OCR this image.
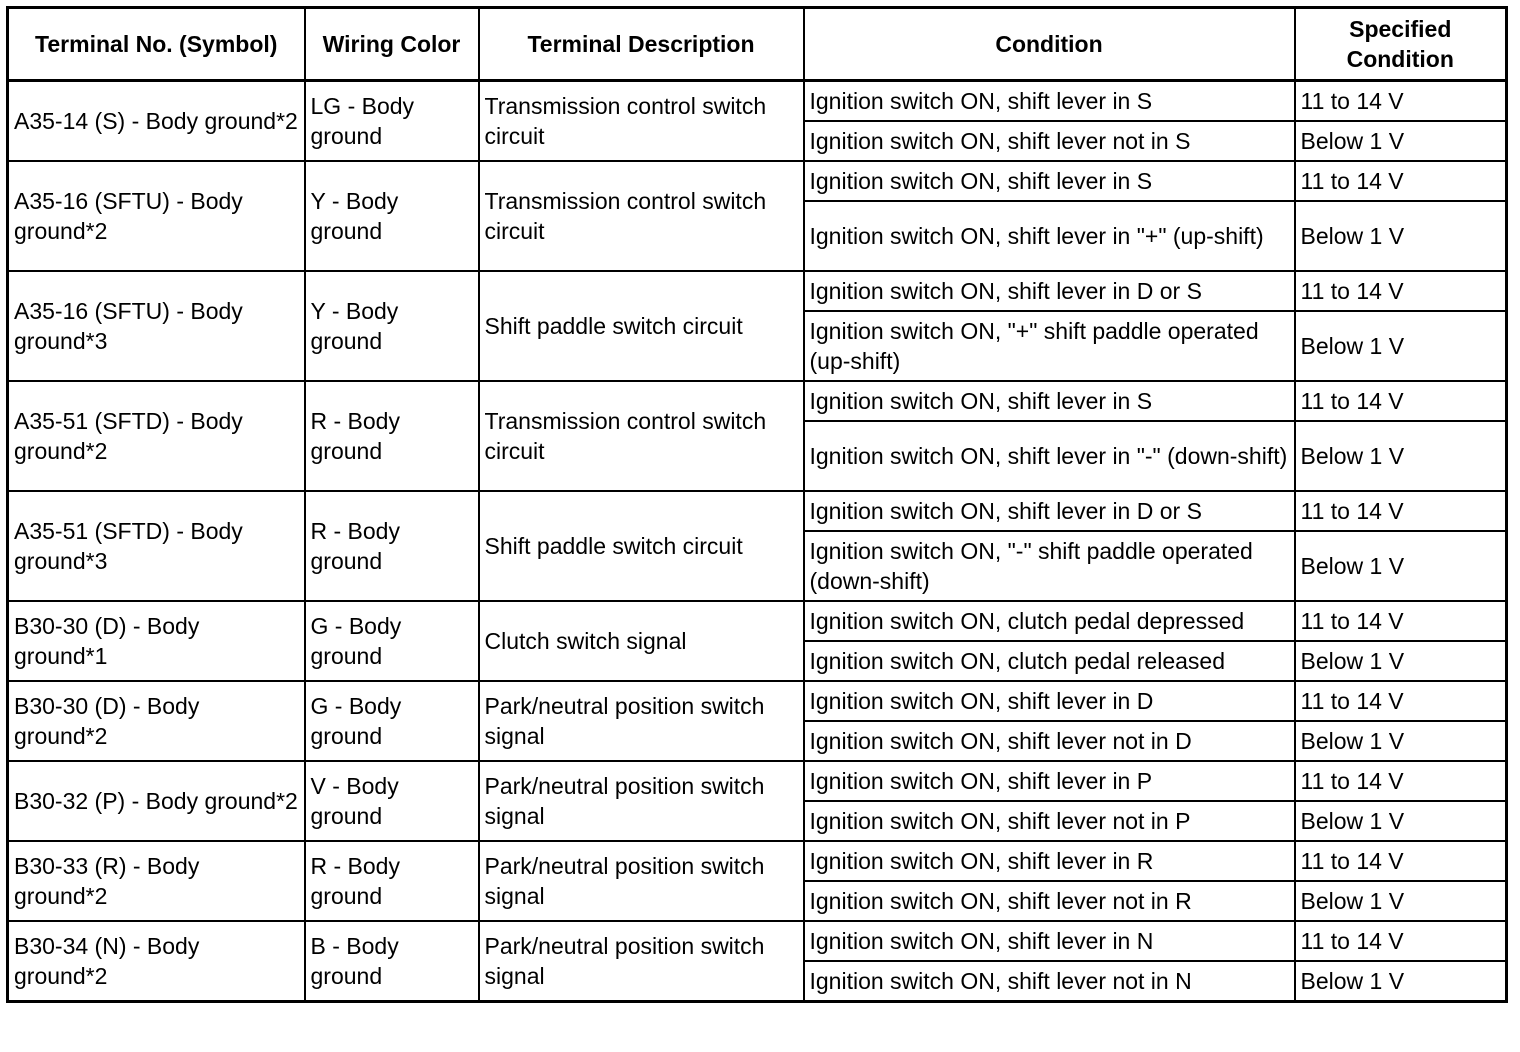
Terminal No. (Symbol)	Wiring Color	Terminal Description	Condition	Specified Condition
A35-14 (S) - Body ground*2	LG - Body ground	Transmission control switch circuit	Ignition switch ON, shift lever in S	11 to 14 V
			Ignition switch ON, shift lever not in S	Below 1 V
A35-16 (SFTU) - Body ground*2	Y - Body ground	Transmission control switch circuit	Ignition switch ON, shift lever in S	11 to 14 V
			Ignition switch ON, shift lever in "+" (up-shift)	Below 1 V
A35-16 (SFTU) - Body ground*3	Y - Body ground	Shift paddle switch circuit	Ignition switch ON, shift lever in D or S	11 to 14 V
			Ignition switch ON, "+" shift paddle operated (up-shift)	Below 1 V
A35-51 (SFTD) - Body ground*2	R - Body ground	Transmission control switch circuit	Ignition switch ON, shift lever in S	11 to 14 V
			Ignition switch ON, shift lever in "-" (down-shift)	Below 1 V
A35-51 (SFTD) - Body ground*3	R - Body ground	Shift paddle switch circuit	Ignition switch ON, shift lever in D or S	11 to 14 V
			Ignition switch ON, "-" shift paddle operated (down-shift)	Below 1 V
B30-30 (D) - Body ground*1	G - Body ground	Clutch switch signal	Ignition switch ON, clutch pedal depressed	11 to 14 V
			Ignition switch ON, clutch pedal released	Below 1 V
B30-30 (D) - Body ground*2	G - Body ground	Park/neutral position switch signal	Ignition switch ON, shift lever in D	11 to 14 V
			Ignition switch ON, shift lever not in D	Below 1 V
B30-32 (P) - Body ground*2	V - Body ground	Park/neutral position switch signal	Ignition switch ON, shift lever in P	11 to 14 V
			Ignition switch ON, shift lever not in P	Below 1 V
B30-33 (R) - Body ground*2	R - Body ground	Park/neutral position switch signal	Ignition switch ON, shift lever in R	11 to 14 V
			Ignition switch ON, shift lever not in R	Below 1 V
B30-34 (N) - Body ground*2	B - Body ground	Park/neutral position switch signal	Ignition switch ON, shift lever in N	11 to 14 V
			Ignition switch ON, shift lever not in N	Below 1 V
